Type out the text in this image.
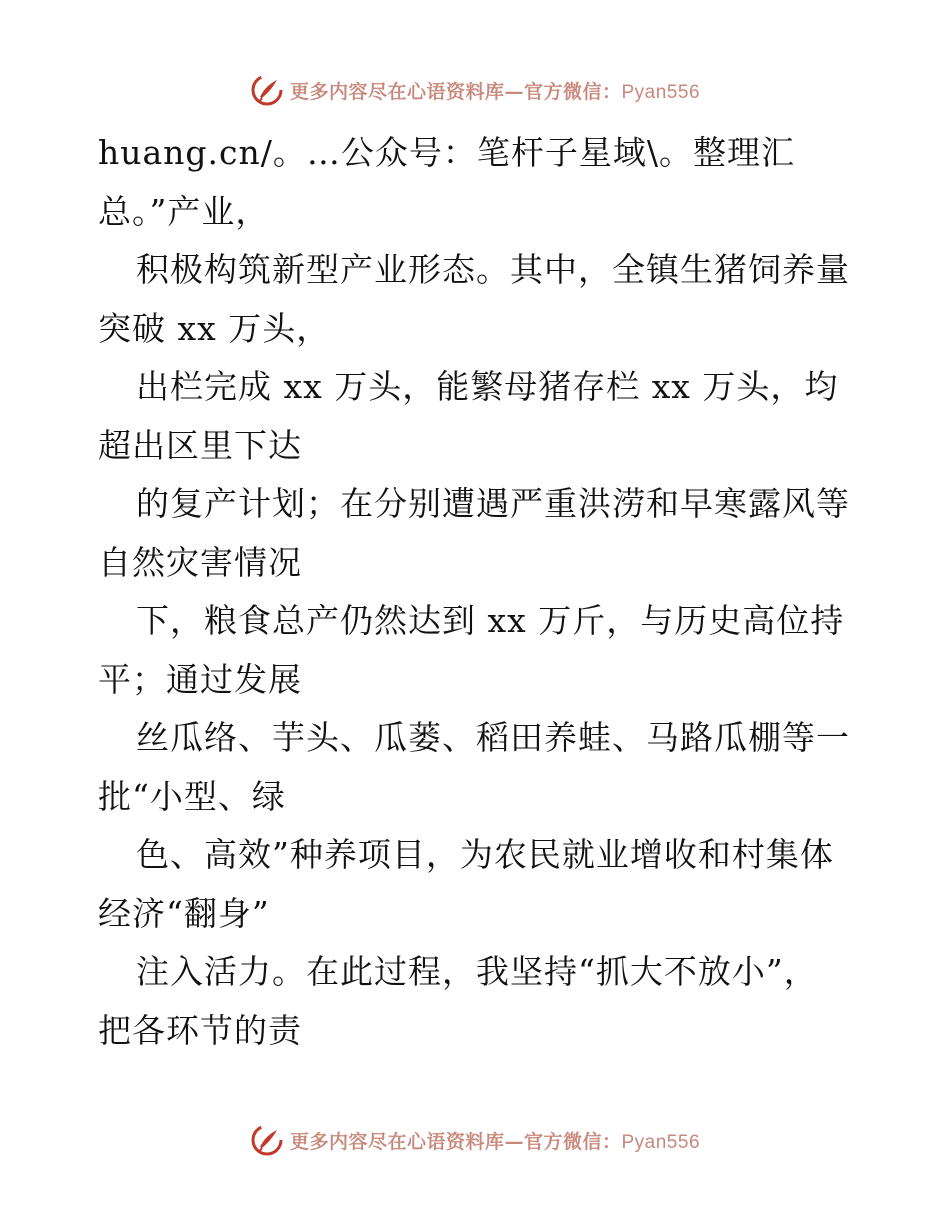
更多内容尽在心语资料库—官方微信：Pyan556
huang.cn/。…公众号：笔杆子星域\。整理汇
总。”产业，
积极构筑新型产业形态。其中，全镇生猪饲养量
突破 xx 万头，
出栏完成 xx 万头，能繁母猪存栏 xx 万头，均
超出区里下达
的复产计划；在分别遭遇严重洪涝和早寒露风等
自然灾害情况
下，粮食总产仍然达到 xx 万斤，与历史高位持
平；通过发展
丝瓜络、芋头、瓜蒌、稻田养蛙、马路瓜棚等一
批“小型、绿
色、高效”种养项目，为农民就业增收和村集体
经济“翻身”
注入活力。在此过程，我坚持“抓大不放小”，
把各环节的责
更多内容尽在心语资料库—官方微信：Pyan556
